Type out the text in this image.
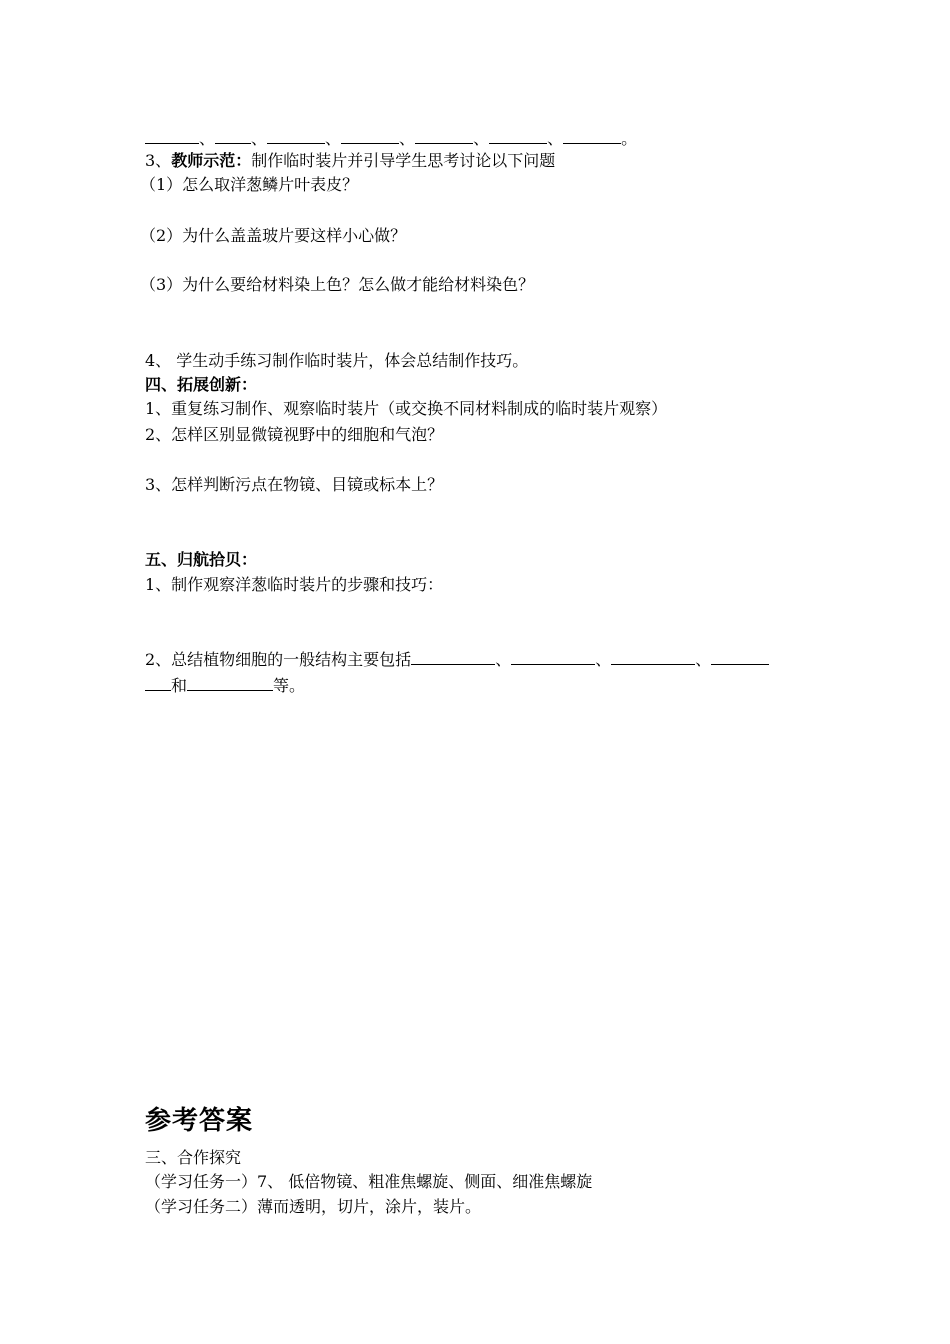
、 、	、	、	、	、	。
3、教师示范：制作临时装片并引导学生思考讨论以下问题
（1）怎么取洋葱鳞片叶表皮？
（2）为什么盖盖玻片要这样小心做？
（3）为什么要给材料染上色？怎么做才能给材料染色？
4、 学生动手练习制作临时装片，体会总结制作技巧。
四、拓展创新：
1、重复练习制作、观察临时装片（或交换不同材料制成的临时装片观察）
2、怎样区别显微镜视野中的细胞和气泡？
3、怎样判断污点在物镜、目镜或标本上？
五、归航拾贝：
1、制作观察洋葱临时装片的步骤和技巧：
2、总结植物细胞的一般结构主要包括	、	、	、
和	等。
参考答案
三、合作探究
（学习任务一）7、 低倍物镜、粗准焦螺旋、侧面、细准焦螺旋
（学习任务二）薄而透明，切片，涂片，装片。
